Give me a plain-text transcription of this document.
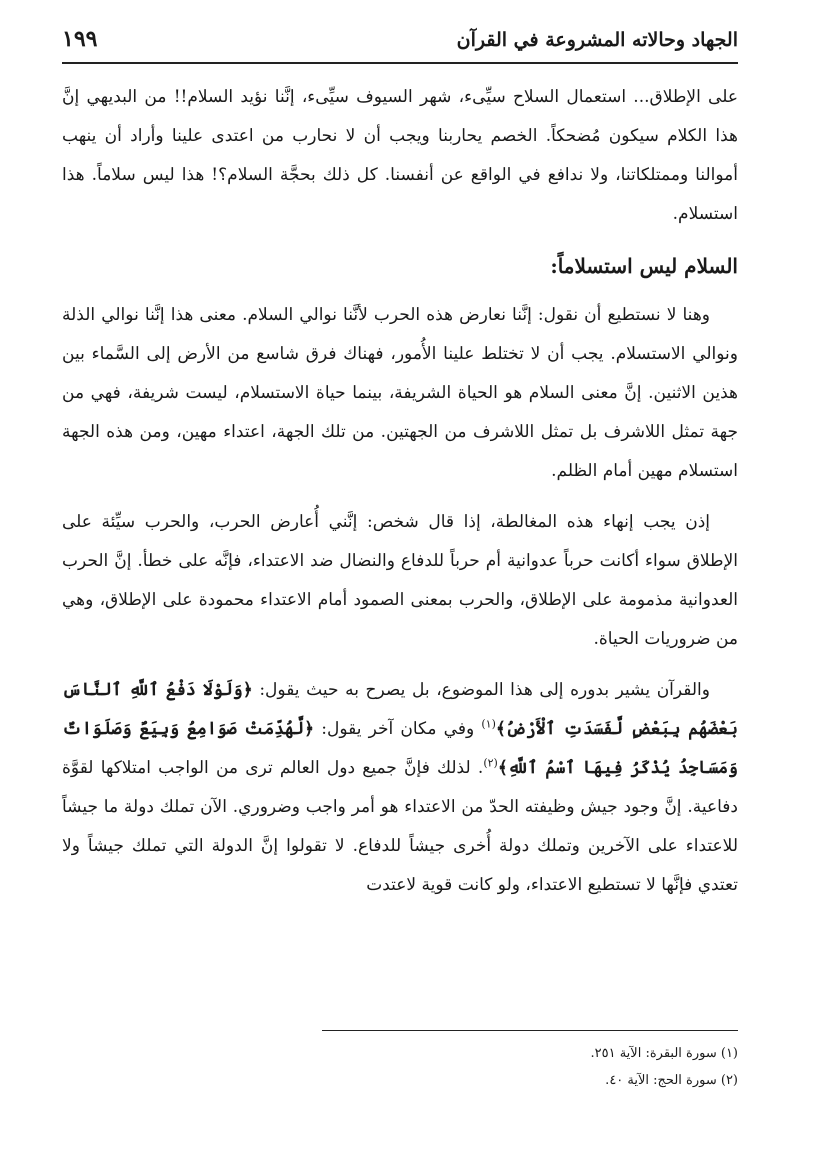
الجهاد وحالاته المشروعة في القرآن
١٩٩

على الإطلاق... استعمال السلاح سيِّىء، شهر السيوف سيِّىء، إنَّنا نؤيد السلام!! من البديهي إنَّ هذا الكلام سيكون مُضحكاً. الخصم يحاربنا ويجب أن لا نحارب من اعتدى علينا وأراد أن ينهب أموالنا وممتلكاتنا، ولا ندافع في الواقع عن أنفسنا. كل ذلك بحجَّة السلام؟! هذا ليس سلاماً. هذا استسلام.

السلام ليس استسلاماً:

وهنا لا نستطيع أن نقول: إنَّنا نعارض هذه الحرب لأنَّنا نوالي السلام. معنى هذا إنَّنا نوالي الذلة ونوالي الاستسلام. يجب أن لا تختلط علينا الأُمور، فهناك فرق شاسع من الأرض إلى السَّماء بين هذين الاثنين. إنَّ معنى السلام هو الحياة الشريفة، بينما حياة الاستسلام، ليست شريفة، فهي من جهة تمثل اللاشرف بل تمثل اللاشرف من الجهتين. من تلك الجهة، اعتداء مهين، ومن هذه الجهة استسلام مهين أمام الظلم.

إذن يجب إنهاء هذه المغالطة، إذا قال شخص: إنَّني أُعارض الحرب، والحرب سيِّئة على الإطلاق سواء أكانت حرباً عدوانية أم حرباً للدفاع والنضال ضد الاعتداء، فإنَّه على خطأ. إنَّ الحرب العدوانية مذمومة على الإطلاق، والحرب بمعنى الصمود أمام الاعتداء محمودة على الإطلاق، وهي من ضروريات الحياة.

والقرآن يشير بدوره إلى هذا الموضوع، بل يصرح به حيث يقول: ﴿وَلَوْلَا دَفْعُ ٱللَّهِ ٱلنَّاسَ بَعْضَهُم بِبَعْضٍ لَّفَسَدَتِ ٱلْأَرْضُ﴾$^{(١)}$ وفي مكان آخر يقول: ﴿لَّهُدِّمَتْ صَوَامِعُ وَبِيَعٌ وَصَلَوَاتٌ وَمَسَاجِدُ يُذْكَرُ فِيهَا ٱسْمُ ٱللَّهِ﴾$^{(٢)}$. لذلك فإنَّ جميع دول العالم ترى من الواجب امتلاكها لقوَّة دفاعية. إنَّ وجود جيش وظيفته الحدّ من الاعتداء هو أمر واجب وضروري. الآن تملك دولة ما جيشاً للاعتداء على الآخرين وتملك دولة أُخرى جيشاً للدفاع. لا تقولوا إنَّ الدولة التي تملك جيشاً ولا تعتدي فإنَّها لا تستطيع الاعتداء، ولو كانت قوية لاعتدت

(١) سورة البقرة: الآية ٢٥١.
(٢) سورة الحج: الآية ٤٠.
